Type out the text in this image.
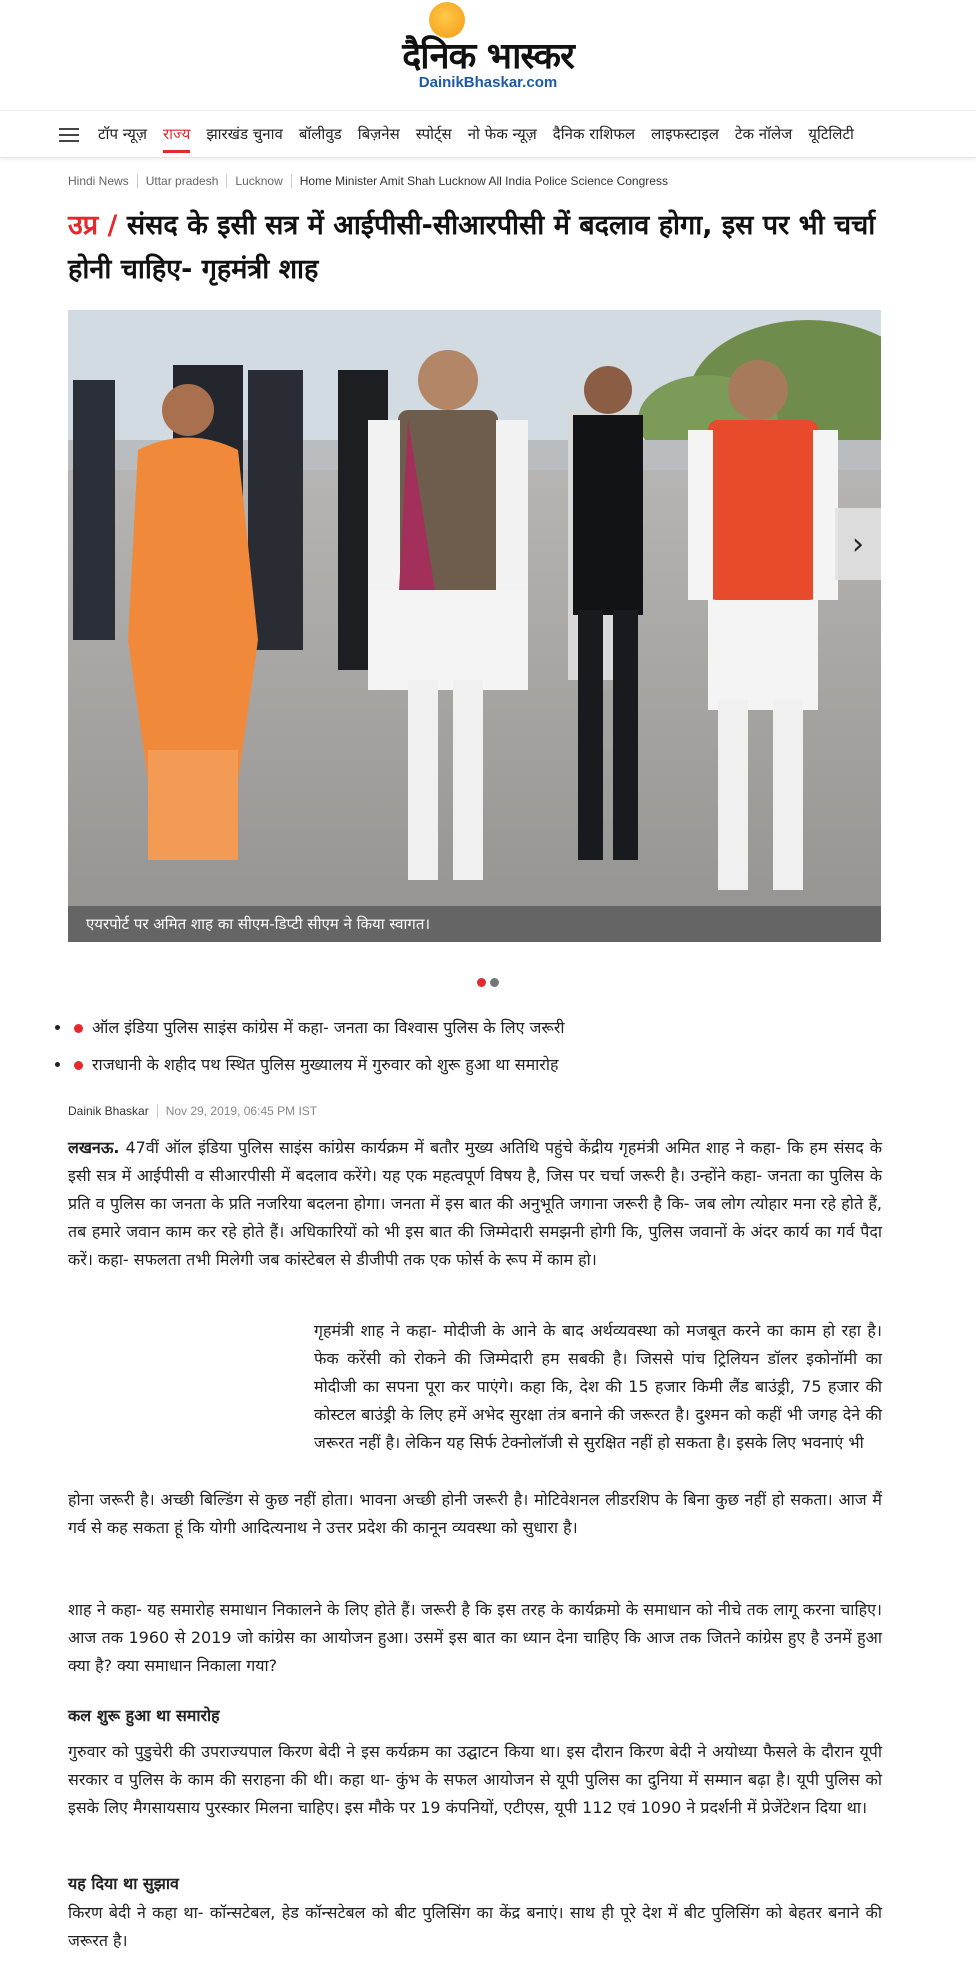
दैनिक भास्कर
DainikBhaskar.com
टॉप न्यूज़	राज्य	झारखंड चुनाव	बॉलीवुड	बिज़नेस	स्पोर्ट्स	नो फेक न्यूज़	दैनिक राशिफल	लाइफस्टाइल	टेक नॉलेज	यूटिलिटी
Hindi News	Uttar pradesh	Lucknow	Home Minister Amit Shah Lucknow All India Police Science Congress
उप्र / संसद के इसी सत्र में आईपीसी-सीआरपीसी में बदलाव होगा, इस पर भी चर्चा होनी चाहिए- गृहमंत्री शाह
›
एयरपोर्ट पर अमित शाह का सीएम-डिप्टी सीएम ने किया स्वागत।
• ऑल इंडिया पुलिस साइंस कांग्रेस में कहा- जनता का विश्वास पुलिस के लिए जरूरी
• राजधानी के शहीद पथ स्थित पुलिस मुख्यालय में गुरुवार को शुरू हुआ था समारोह
Dainik Bhaskar	Nov 29, 2019, 06:45 PM IST

लखनऊ. 47वीं ऑल इंडिया पुलिस साइंस कांग्रेस कार्यक्रम में बतौर मुख्य अतिथि पहुंचे केंद्रीय गृहमंत्री अमित शाह ने कहा- कि हम संसद के इसी सत्र में आईपीसी व सीआरपीसी में बदलाव करेंगे। यह एक महत्वपूर्ण विषय है, जिस पर चर्चा जरूरी है। उन्होंने कहा- जनता का पुलिस के प्रति व पुलिस का जनता के प्रति नजरिया बदलना होगा। जनता में इस बात की अनुभूति जगाना जरूरी है कि- जब लोग त्योहार मना रहे होते हैं, तब हमारे जवान काम कर रहे होते हैं। अधिकारियों को भी इस बात की जिम्मेदारी समझनी होगी कि, पुलिस जवानों के अंदर कार्य का गर्व पैदा करें। कहा- सफलता तभी मिलेगी जब कांस्टेबल से डीजीपी तक एक फोर्स के रूप में काम हो।

गृहमंत्री शाह ने कहा- मोदीजी के आने के बाद अर्थव्यवस्था को मजबूत करने का काम हो रहा है। फेक करेंसी को रोकने की जिम्मेदारी हम सबकी है। जिससे पांच ट्रिलियन डॉलर इकोनॉमी का मोदीजी का सपना पूरा कर पाएंगे। कहा कि, देश की 15 हजार किमी लैंड बाउंड्री, 75 हजार की कोस्टल बाउंड्री के लिए हमें अभेद सुरक्षा तंत्र बनाने की जरूरत है। दुश्मन को कहीं भी जगह देने की जरूरत नहीं है। लेकिन यह सिर्फ टेक्नोलॉजी से सुरक्षित नहीं हो सकता है। इसके लिए भवनाएं भी

होना जरूरी है। अच्छी बिल्डिंग से कुछ नहीं होता। भावना अच्छी होनी जरूरी है। मोटिवेशनल लीडरशिप के बिना कुछ नहीं हो सकता। आज मैं गर्व से कह सकता हूं कि योगी आदित्यनाथ ने उत्तर प्रदेश की कानून व्यवस्था को सुधारा है।

शाह ने कहा- यह समारोह समाधान निकालने के लिए होते हैं। जरूरी है कि इस तरह के कार्यक्रमो के समाधान को नीचे तक लागू करना चाहिए। आज तक 1960 से 2019 जो कांग्रेस का आयोजन हुआ। उसमें इस बात का ध्यान देना चाहिए कि आज तक जितने कांग्रेस हुए है उनमें हुआ क्या है? क्या समाधान निकाला गया?

कल शुरू हुआ था समारोह

गुरुवार को पुडुचेरी की उपराज्यपाल किरण बेदी ने इस कर्यक्रम का उद्घाटन किया था। इस दौरान किरण बेदी ने अयोध्या फैसले के दौरान यूपी सरकार व पुलिस के काम की सराहना की थी। कहा था- कुंभ के सफल आयोजन से यूपी पुलिस का दुनिया में सम्मान बढ़ा है। यूपी पुलिस को इसके लिए मैगसायसाय पुरस्कार मिलना चाहिए। इस मौके पर 19 कंपनियों, एटीएस, यूपी 112 एवं 1090 ने प्रदर्शनी में प्रेजेंटेशन दिया था।

यह दिया था सुझाव

किरण बेदी ने कहा था- कॉन्सटेबल, हेड कॉन्सटेबल को बीट पुलिसिंग का केंद्र बनाएं। साथ ही पूरे देश में बीट पुलिसिंग को बेहतर बनाने की जरूरत है।
